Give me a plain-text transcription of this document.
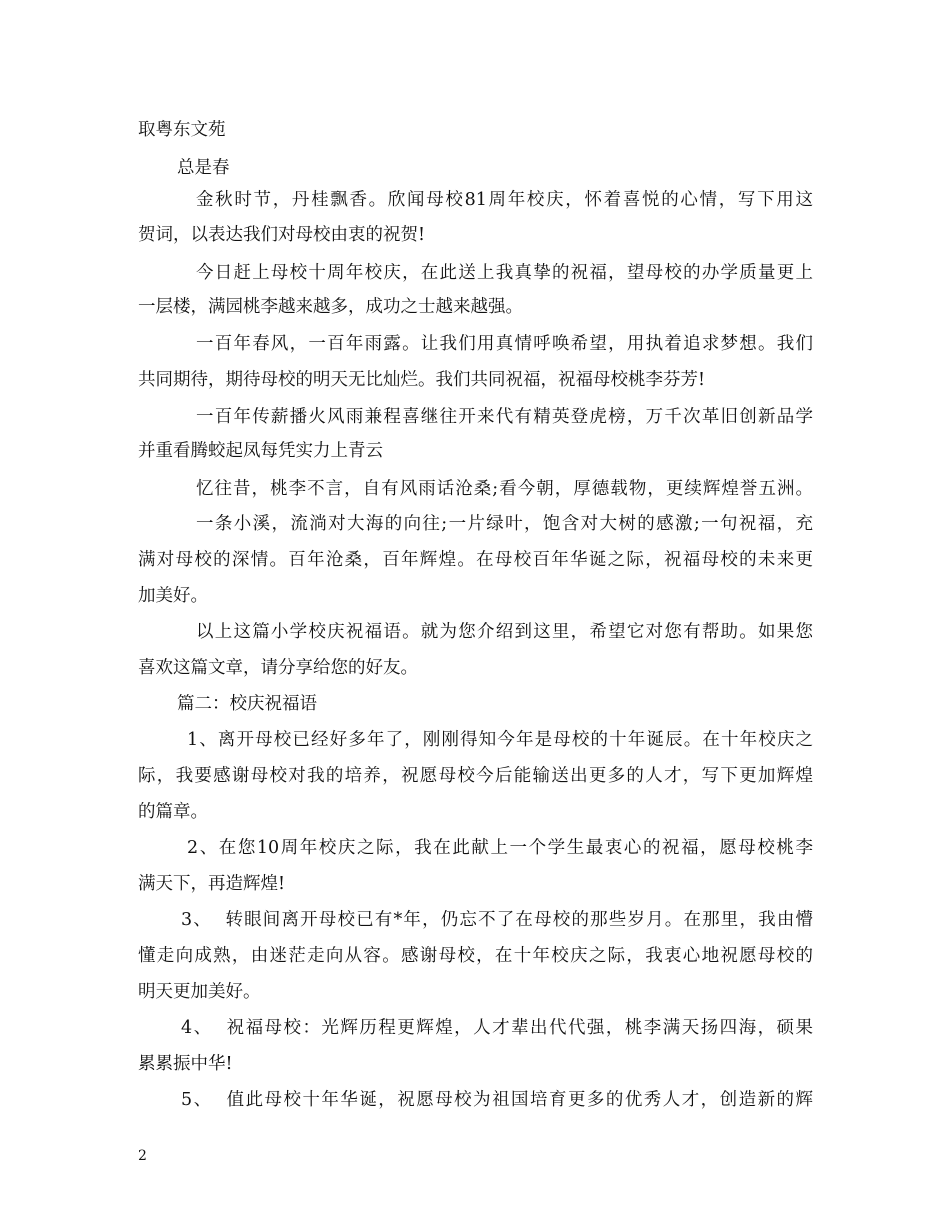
取粤东文苑
总是春
金秋时节，丹桂飘香。欣闻母校81周年校庆，怀着喜悦的心情，写下用这
贺词，以表达我们对母校由衷的祝贺!
今日赶上母校十周年校庆，在此送上我真挚的祝福，望母校的办学质量更上
一层楼，满园桃李越来越多，成功之士越来越强。
一百年春风，一百年雨露。让我们用真情呼唤希望，用执着追求梦想。我们
共同期待，期待母校的明天无比灿烂。我们共同祝福，祝福母校桃李芬芳!
一百年传薪播火风雨兼程喜继往开来代有精英登虎榜，万千次革旧创新品学
并重看腾蛟起凤每凭实力上青云
忆往昔，桃李不言，自有风雨话沧桑;看今朝，厚德载物，更续辉煌誉五洲。
一条小溪，流淌对大海的向往;一片绿叶，饱含对大树的感激;一句祝福，充
满对母校的深情。百年沧桑，百年辉煌。在母校百年华诞之际，祝福母校的未来更
加美好。
以上这篇小学校庆祝福语。就为您介绍到这里，希望它对您有帮助。如果您
喜欢这篇文章，请分享给您的好友。
篇二：校庆祝福语
1、离开母校已经好多年了，刚刚得知今年是母校的十年诞辰。在十年校庆之
际，我要感谢母校对我的培养，祝愿母校今后能输送出更多的人才，写下更加辉煌
的篇章。
2、在您10周年校庆之际，我在此献上一个学生最衷心的祝福，愿母校桃李
满天下，再造辉煌!
3、  转眼间离开母校已有*年，仍忘不了在母校的那些岁月。在那里，我由懵
懂走向成熟，由迷茫走向从容。感谢母校，在十年校庆之际，我衷心地祝愿母校的
明天更加美好。
4、  祝福母校：光辉历程更辉煌，人才辈出代代强，桃李满天扬四海，硕果
累累振中华!
5、  值此母校十年华诞，祝愿母校为祖国培育更多的优秀人才，创造新的辉
2
